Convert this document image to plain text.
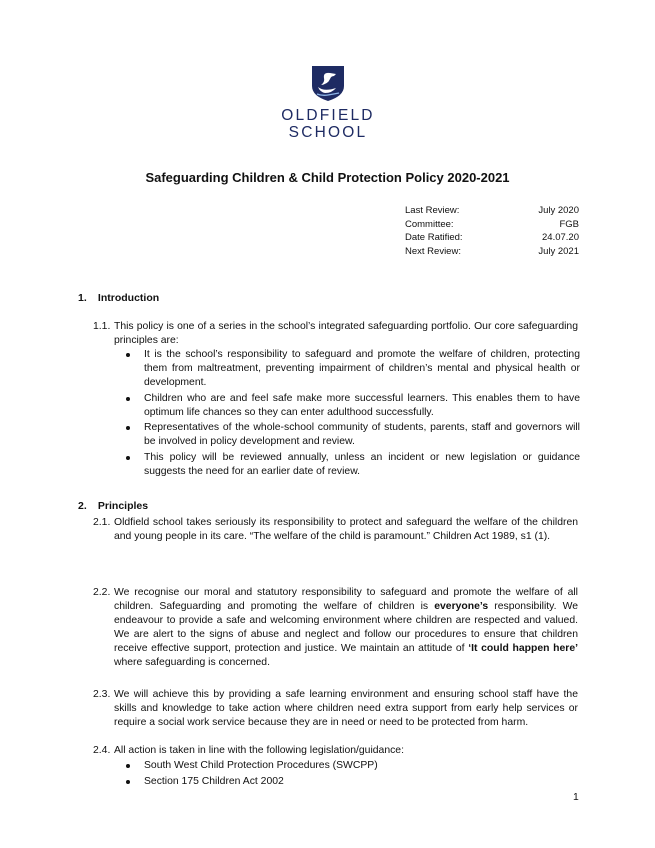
OLDFIELD
SCHOOL
Safeguarding Children & Child Protection Policy 2020-2021
Last Review:	July 2020
Committee:	FGB
Date Ratified:	24.07.20
Next Review:	July 2021
1. Introduction
1.1. This policy is one of a series in the school’s integrated safeguarding portfolio. Our core safeguarding principles are:
It is the school’s responsibility to safeguard and promote the welfare of children, protecting them from maltreatment, preventing impairment of children’s mental and physical health or development.
Children who are and feel safe make more successful learners. This enables them to have optimum life chances so they can enter adulthood successfully.
Representatives of the whole-school community of students, parents, staff and governors will be involved in policy development and review.
This policy will be reviewed annually, unless an incident or new legislation or guidance suggests the need for an earlier date of review.
2. Principles
2.1. Oldfield school takes seriously its responsibility to protect and safeguard the welfare of the children and young people in its care. “The welfare of the child is paramount.” Children Act 1989, s1 (1).
2.2. We recognise our moral and statutory responsibility to safeguard and promote the welfare of all children. Safeguarding and promoting the welfare of children is everyone’s responsibility. We endeavour to provide a safe and welcoming environment where children are respected and valued. We are alert to the signs of abuse and neglect and follow our procedures to ensure that children receive effective support, protection and justice. We maintain an attitude of ‘It could happen here’ where safeguarding is concerned.
2.3. We will achieve this by providing a safe learning environment and ensuring school staff have the skills and knowledge to take action where children need extra support from early help services or require a social work service because they are in need or need to be protected from harm.
2.4. All action is taken in line with the following legislation/guidance:
South West Child Protection Procedures (SWCPP)
Section 175 Children Act 2002
1
